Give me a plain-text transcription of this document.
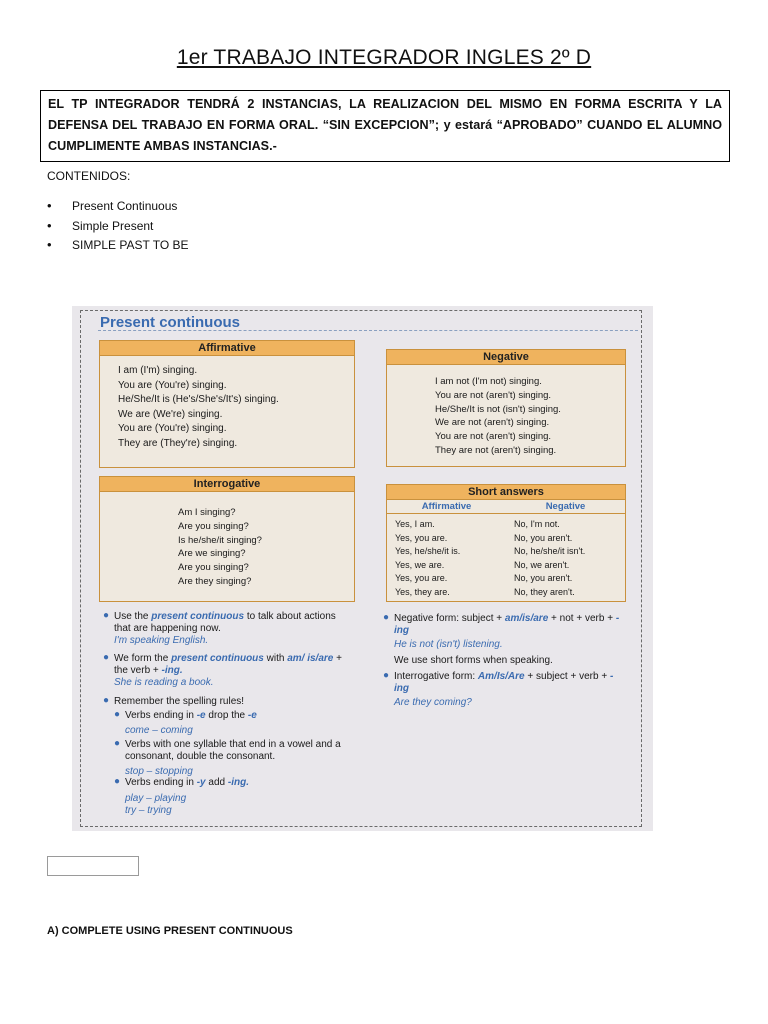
1er TRABAJO INTEGRADOR INGLES 2º D
EL TP INTEGRADOR TENDRÁ 2 INSTANCIAS, LA REALIZACION DEL MISMO EN FORMA ESCRITA Y LA DEFENSA DEL TRABAJO EN FORMA ORAL. “SIN EXCEPCION”; y estará “APROBADO” CUANDO EL ALUMNO CUMPLIMENTE AMBAS INSTANCIAS.-
CONTENIDOS:
• Present Continuous
• Simple Present
• SIMPLE PAST TO BE
Present continuous
Affirmative
I am (I'm) singing.
You are (You're) singing.
He/She/It is (He's/She's/It's) singing.
We are (We're) singing.
You are (You're) singing.
They are (They're) singing.
Negative
I am not (I'm not) singing.
You are not (aren't) singing.
He/She/It is not (isn't) singing.
We are not (aren't) singing.
You are not (aren't) singing.
They are not (aren't) singing.
Interrogative
Am I singing?
Are you singing?
Is he/she/it singing?
Are we singing?
Are you singing?
Are they singing?
Short answers
Affirmative	Negative
Yes, I am.	No, I'm not.
Yes, you are.	No, you aren't.
Yes, he/she/it is.	No, he/she/it isn't.
Yes, we are.	No, we aren't.
Yes, you are.	No, you aren't.
Yes, they are.	No, they aren't.
● Use the present continuous to talk about actions that are happening now.
I'm speaking English.
● We form the present continuous with am/ is/are + the verb + -ing.
She is reading a book.
● Remember the spelling rules!
● Verbs ending in -e drop the -e
come – coming
● Verbs with one syllable that end in a vowel and a consonant, double the consonant.
stop – stopping
● Verbs ending in -y add -ing.
play – playing
try – trying
● Negative form: subject + am/is/are + not + verb + -ing
He is not (isn't) listening.
We use short forms when speaking.
● Interrogative form: Am/Is/Are + subject + verb + -ing
Are they coming?
A) COMPLETE USING PRESENT CONTINUOUS
